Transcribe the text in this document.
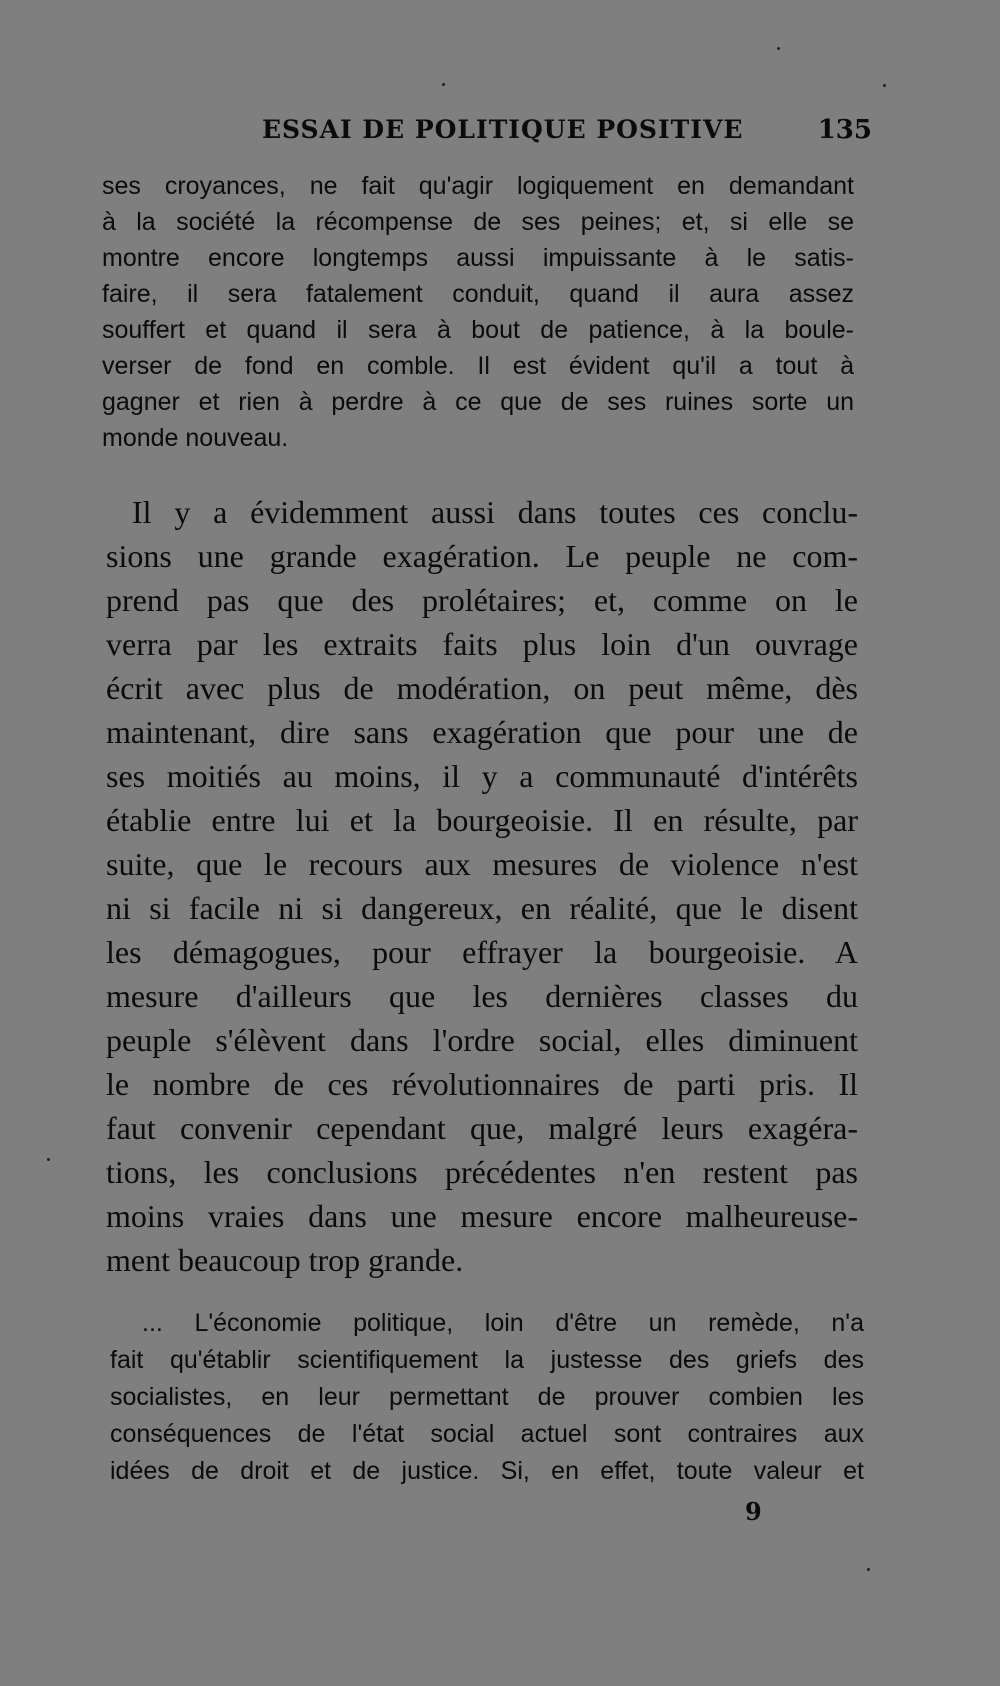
ESSAI DE POLITIQUE POSITIVE	135
ses croyances, ne fait qu'agir logiquement en demandant
à la société la récompense de ses peines; et, si elle se
montre encore longtemps aussi impuissante à le satis-
faire, il sera fatalement conduit, quand il aura assez
souffert et quand il sera à bout de patience, à la boule-
verser de fond en comble. Il est évident qu'il a tout à
gagner et rien à perdre à ce que de ses ruines sorte un
monde nouveau.
Il y a évidemment aussi dans toutes ces conclu-
sions une grande exagération. Le peuple ne com-
prend pas que des prolétaires; et, comme on le
verra par les extraits faits plus loin d'un ouvrage
écrit avec plus de modération, on peut même, dès
maintenant, dire sans exagération que pour une de
ses moitiés au moins, il y a communauté d'intérêts
établie entre lui et la bourgeoisie. Il en résulte, par
suite, que le recours aux mesures de violence n'est
ni si facile ni si dangereux, en réalité, que le disent
les démagogues, pour effrayer la bourgeoisie. A
mesure d'ailleurs que les dernières classes du
peuple s'élèvent dans l'ordre social, elles diminuent
le nombre de ces révolutionnaires de parti pris. Il
faut convenir cependant que, malgré leurs exagéra-
tions, les conclusions précédentes n'en restent pas
moins vraies dans une mesure encore malheureuse-
ment beaucoup trop grande.
... L'économie politique, loin d'être un remède, n'a
fait qu'établir scientifiquement la justesse des griefs des
socialistes, en leur permettant de prouver combien les
conséquences de l'état social actuel sont contraires aux
idées de droit et de justice. Si, en effet, toute valeur et
9
